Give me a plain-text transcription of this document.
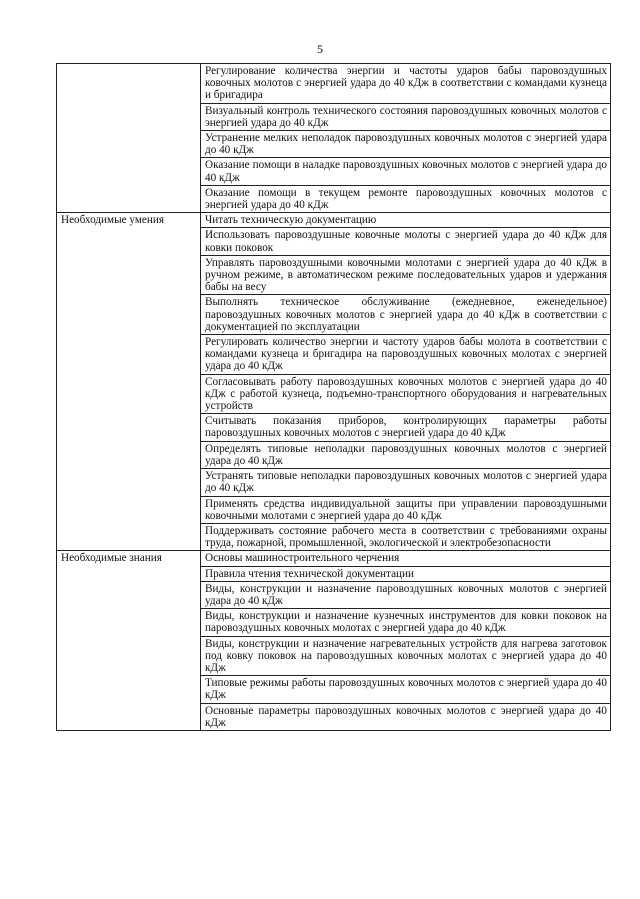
5
	Регулирование количества энергии и частоты ударов бабы паровоздушных ковочных молотов с энергией удара до 40 кДж в соответствии с командами кузнеца и бригадира
	Визуальный контроль технического состояния паровоздушных ковочных молотов с энергией удара до 40 кДж
	Устранение мелких неполадок паровоздушных ковочных молотов с энергией удара до 40 кДж
	Оказание помощи в наладке паровоздушных ковочных молотов с энергией удара до 40 кДж
	Оказание помощи в текущем ремонте паровоздушных ковочных молотов с энергией удара до 40 кДж
Необходимые умения	Читать техническую документацию
	Использовать паровоздушные ковочные молоты с энергией удара до 40 кДж для ковки поковок
	Управлять паровоздушными ковочными молотами с энергией удара до 40 кДж в ручном режиме, в автоматическом режиме последовательных ударов и удержания бабы на весу
	Выполнять техническое обслуживание (ежедневное, еженедельное) паровоздушных ковочных молотов с энергией удара до 40 кДж в соответствии с документацией по эксплуатации
	Регулировать количество энергии и частоту ударов бабы молота в соответствии с командами кузнеца и бригадира на паровоздушных ковочных молотах с энергией удара до 40 кДж
	Согласовывать работу паровоздушных ковочных молотов с энергией удара до 40 кДж с работой кузнеца, подъемно-транспортного оборудования и нагревательных устройств
	Считывать показания приборов, контролирующих параметры работы паровоздушных ковочных молотов с энергией удара до 40 кДж
	Определять типовые неполадки паровоздушных ковочных молотов с энергией удара до 40 кДж
	Устранять типовые неполадки паровоздушных ковочных молотов с энергией удара до 40 кДж
	Применять средства индивидуальной защиты при управлении паровоздушными ковочными молотами с энергией удара до 40 кДж
	Поддерживать состояние рабочего места в соответствии с требованиями охраны труда, пожарной, промышленной, экологической и электробезопасности
Необходимые знания	Основы машиностроительного черчения
	Правила чтения технической документации
	Виды, конструкции и назначение паровоздушных ковочных молотов с энергией удара до 40 кДж
	Виды, конструкции и назначение кузнечных инструментов для ковки поковок на паровоздушных ковочных молотах с энергией удара до 40 кДж
	Виды, конструкции и назначение нагревательных устройств для нагрева заготовок под ковку поковок на паровоздушных ковочных молотах с энергией удара до 40 кДж
	Типовые режимы работы паровоздушных ковочных молотов с энергией удара до 40 кДж
	Основные параметры паровоздушных ковочных молотов с энергией удара до 40 кДж
